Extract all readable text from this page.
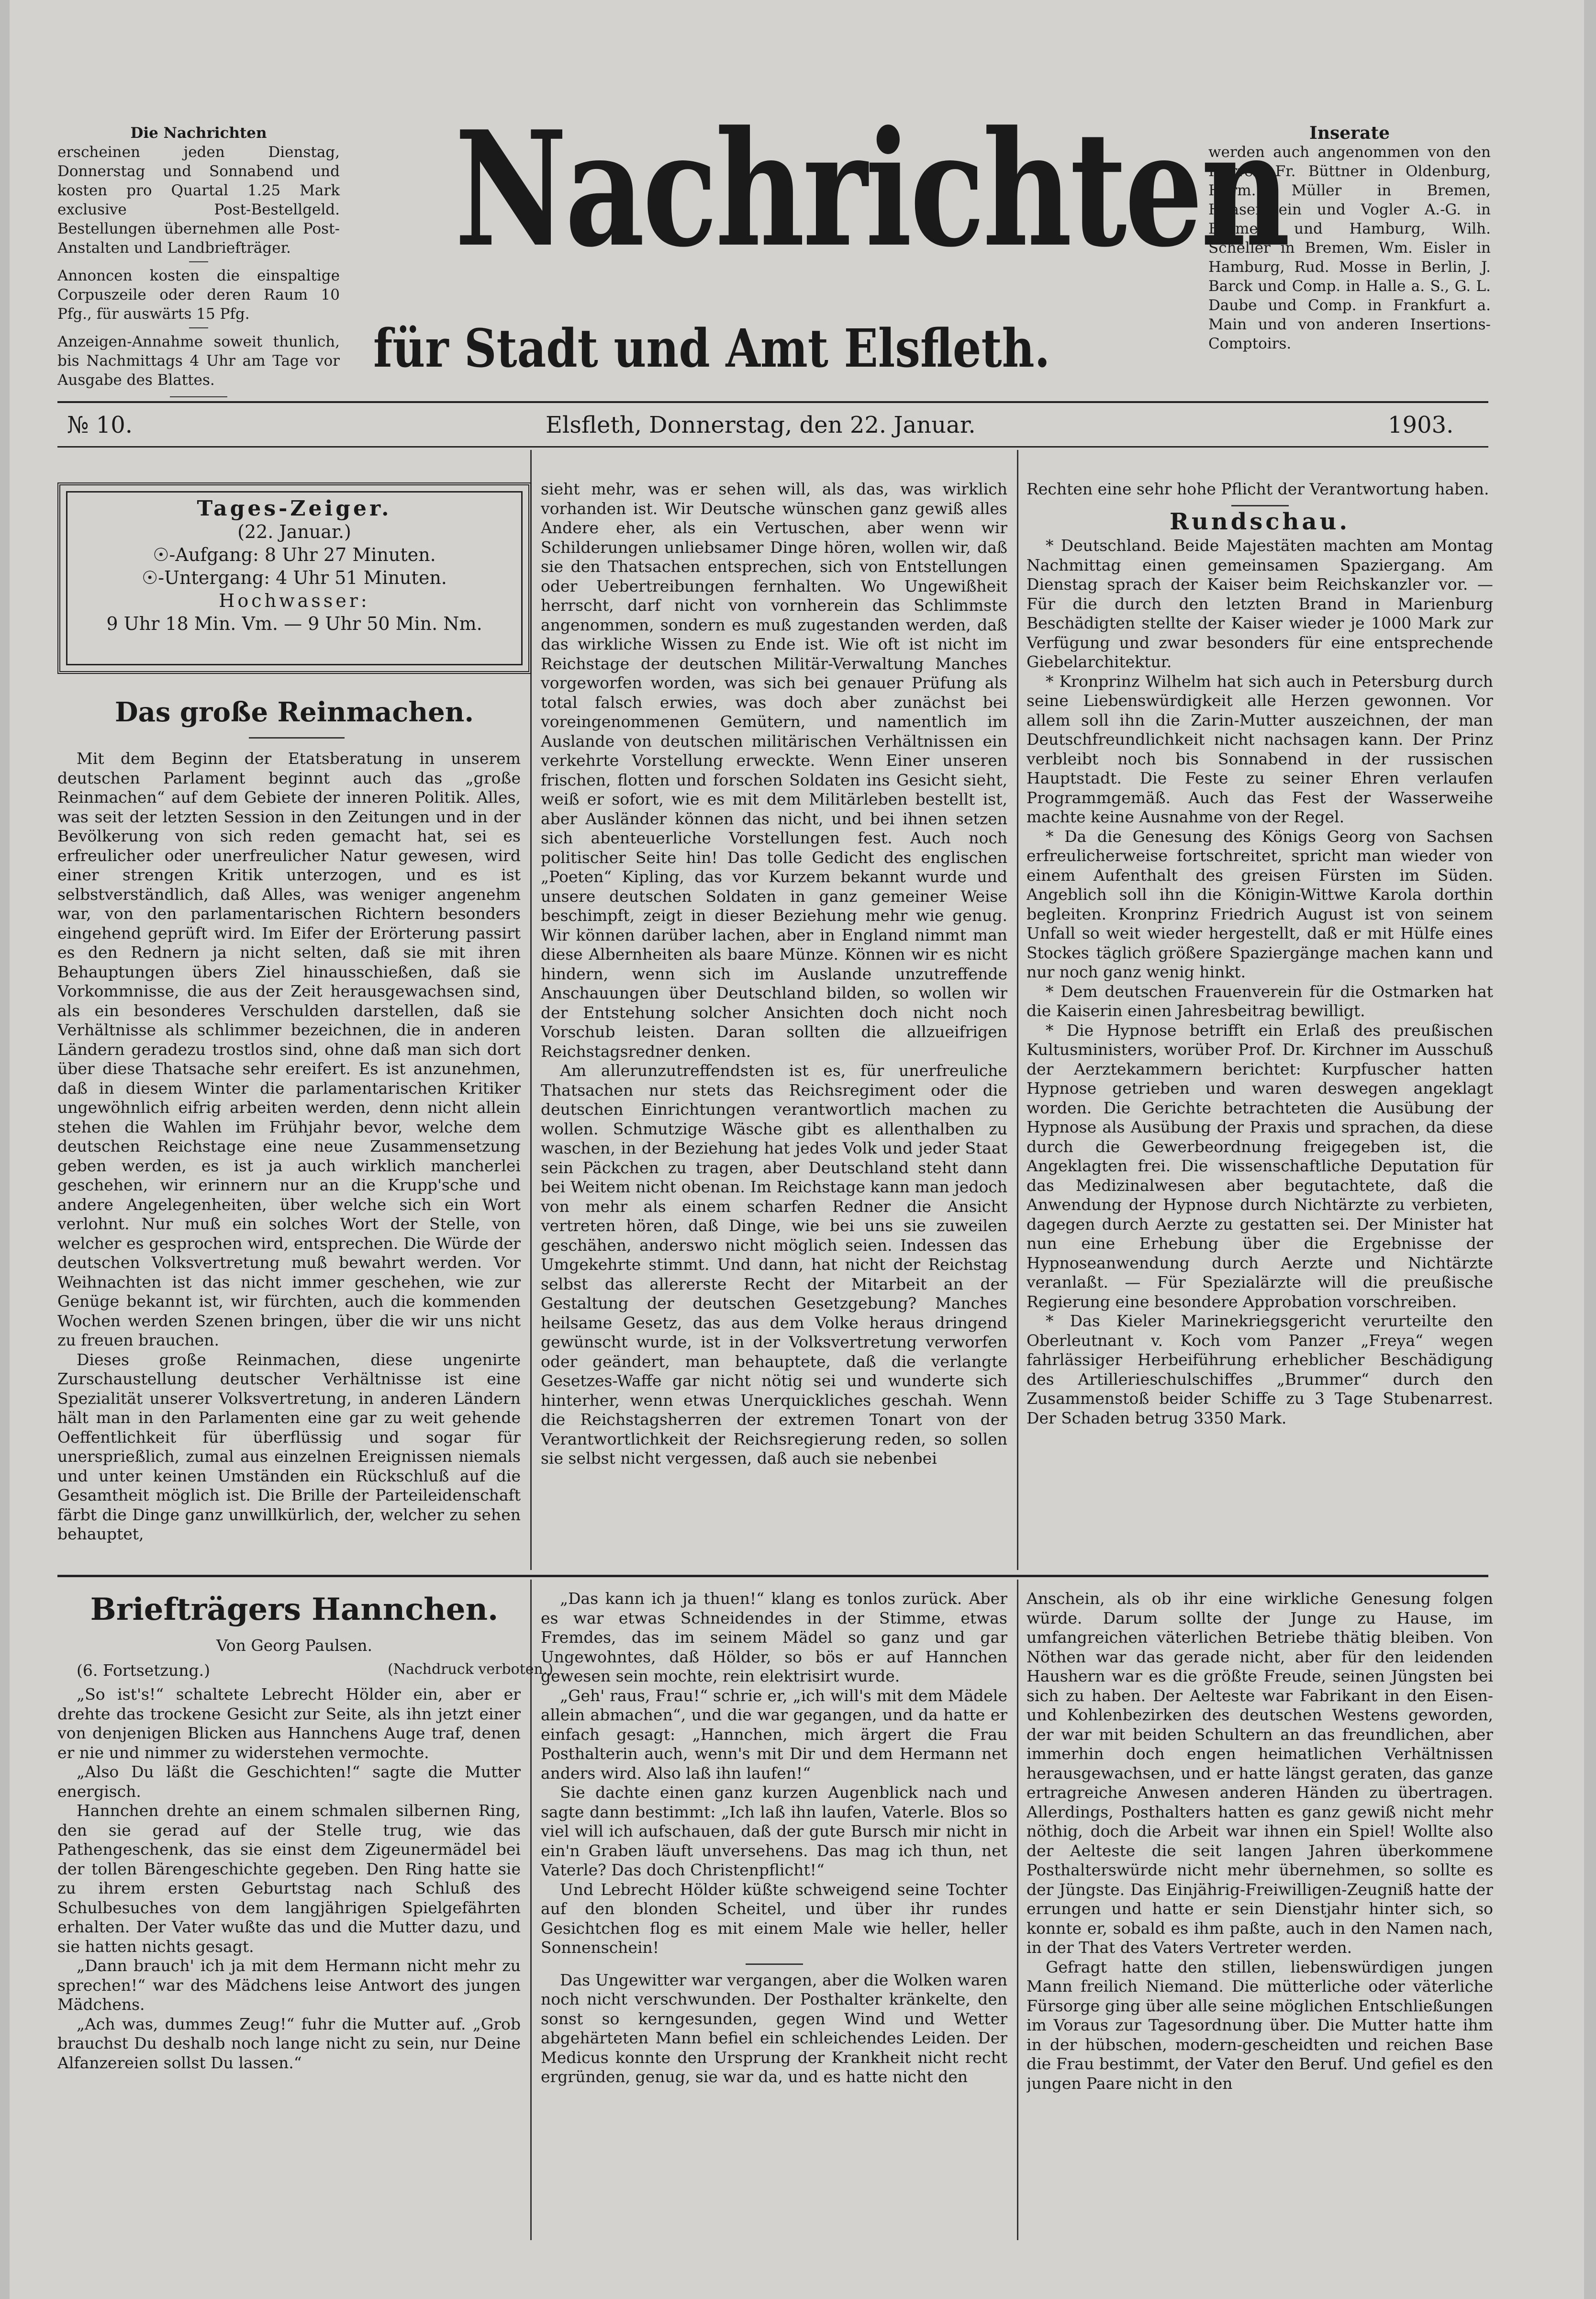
Die Nachrichten
erscheinen jeden Dienstag, Donnerstag und Sonnabend und kosten pro Quartal 1.25 Mark exclusive Post-Bestellgeld. Bestellungen übernehmen alle Post-Anstalten und Landbriefträger.
Annoncen kosten die einspaltige Corpuszeile oder deren Raum 10 Pfg., für auswärts 15 Pfg.
Anzeigen-Annahme soweit thunlich, bis Nachmittags 4 Uhr am Tage vor Ausgabe des Blattes.
Nachrichten
für Stadt und Amt Elsfleth.
Inserate
werden auch angenommen von den Herren Fr. Büttner in Oldenburg, Herm. Müller in Bremen, Haasenstein und Vogler A.-G. in Bremen und Hamburg, Wilh. Scheller in Bremen, Wm. Eisler in Hamburg, Rud. Mosse in Berlin, J. Barck und Comp. in Halle a. S., G. L. Daube und Comp. in Frankfurt a. Main und von anderen Insertions-Comptoirs.
№ 10.	Elsfleth, Donnerstag, den 22. Januar.	1903.
Tages-Zeiger.
(22. Januar.)
☉-Aufgang: 8 Uhr 27 Minuten.
☉-Untergang: 4 Uhr 51 Minuten.
Hochwasser:
9 Uhr 18 Min. Vm. — 9 Uhr 50 Min. Nm.
Das große Reinmachen.

Mit dem Beginn der Etatsberatung in unserem deutschen Parlament beginnt auch das „große Reinmachen“ auf dem Gebiete der inneren Politik. Alles, was seit der letzten Session in den Zeitungen und in der Bevölkerung von sich reden gemacht hat, sei es erfreulicher oder unerfreulicher Natur gewesen, wird einer strengen Kritik unterzogen, und es ist selbstverständlich, daß Alles, was weniger angenehm war, von den parlamentarischen Richtern besonders eingehend geprüft wird. Im Eifer der Erörterung passirt es den Rednern ja nicht selten, daß sie mit ihren Behauptungen übers Ziel hinausschießen, daß sie Vorkommnisse, die aus der Zeit herausgewachsen sind, als ein besonderes Verschulden darstellen, daß sie Verhältnisse als schlimmer bezeichnen, die in anderen Ländern geradezu trostlos sind, ohne daß man sich dort über diese Thatsache sehr ereifert. Es ist anzunehmen, daß in diesem Winter die parlamentarischen Kritiker ungewöhnlich eifrig arbeiten werden, denn nicht allein stehen die Wahlen im Frühjahr bevor, welche dem deutschen Reichstage eine neue Zusammensetzung geben werden, es ist ja auch wirklich mancherlei geschehen, wir erinnern nur an die Krupp'sche und andere Angelegenheiten, über welche sich ein Wort verlohnt. Nur muß ein solches Wort der Stelle, von welcher es gesprochen wird, entsprechen. Die Würde der deutschen Volksvertretung muß bewahrt werden. Vor Weihnachten ist das nicht immer geschehen, wie zur Genüge bekannt ist, wir fürchten, auch die kommenden Wochen werden Szenen bringen, über die wir uns nicht zu freuen brauchen.

Dieses große Reinmachen, diese ungenirte Zurschaustellung deutscher Verhältnisse ist eine Spezialität unserer Volksvertretung, in anderen Ländern hält man in den Parlamenten eine gar zu weit gehende Oeffentlichkeit für überflüssig und sogar für unersprießlich, zumal aus einzelnen Ereignissen niemals und unter keinen Umständen ein Rückschluß auf die Gesamtheit möglich ist. Die Brille der Parteileidenschaft färbt die Dinge ganz unwillkürlich, der, welcher zu sehen behauptet,

sieht mehr, was er sehen will, als das, was wirklich vorhanden ist. Wir Deutsche wünschen ganz gewiß alles Andere eher, als ein Vertuschen, aber wenn wir Schilderungen unliebsamer Dinge hören, wollen wir, daß sie den Thatsachen entsprechen, sich von Entstellungen oder Uebertreibungen fernhalten. Wo Ungewißheit herrscht, darf nicht von vornherein das Schlimmste angenommen, sondern es muß zugestanden werden, daß das wirkliche Wissen zu Ende ist. Wie oft ist nicht im Reichstage der deutschen Militär-Verwaltung Manches vorgeworfen worden, was sich bei genauer Prüfung als total falsch erwies, was doch aber zunächst bei voreingenommenen Gemütern, und namentlich im Auslande von deutschen militärischen Verhältnissen ein verkehrte Vorstellung erweckte. Wenn Einer unseren frischen, flotten und forschen Soldaten ins Gesicht sieht, weiß er sofort, wie es mit dem Militärleben bestellt ist, aber Ausländer können das nicht, und bei ihnen setzen sich abenteuerliche Vorstellungen fest. Auch noch politischer Seite hin! Das tolle Gedicht des englischen „Poeten“ Kipling, das vor Kurzem bekannt wurde und unsere deutschen Soldaten in ganz gemeiner Weise beschimpft, zeigt in dieser Beziehung mehr wie genug. Wir können darüber lachen, aber in England nimmt man diese Albernheiten als baare Münze. Können wir es nicht hindern, wenn sich im Auslande unzutreffende Anschauungen über Deutschland bilden, so wollen wir der Entstehung solcher Ansichten doch nicht noch Vorschub leisten. Daran sollten die allzueifrigen Reichstagsredner denken.

Am allerunzutreffendsten ist es, für unerfreuliche Thatsachen nur stets das Reichsregiment oder die deutschen Einrichtungen verantwortlich machen zu wollen. Schmutzige Wäsche gibt es allenthalben zu waschen, in der Beziehung hat jedes Volk und jeder Staat sein Päckchen zu tragen, aber Deutschland steht dann bei Weitem nicht obenan. Im Reichstage kann man jedoch von mehr als einem scharfen Redner die Ansicht vertreten hören, daß Dinge, wie bei uns sie zuweilen geschähen, anderswo nicht möglich seien. Indessen das Umgekehrte stimmt. Und dann, hat nicht der Reichstag selbst das allererste Recht der Mitarbeit an der Gestaltung der deutschen Gesetzgebung? Manches heilsame Gesetz, das aus dem Volke heraus dringend gewünscht wurde, ist in der Volksvertretung verworfen oder geändert, man behauptete, daß die verlangte Gesetzes-Waffe gar nicht nötig sei und wunderte sich hinterher, wenn etwas Unerquickliches geschah. Wenn die Reichstagsherren der extremen Tonart von der Verantwortlichkeit der Reichsregierung reden, so sollen sie selbst nicht vergessen, daß auch sie nebenbei

Rechten eine sehr hohe Pflicht der Verantwortung haben.

Rundschau.

* Deutschland. Beide Majestäten machten am Montag Nachmittag einen gemeinsamen Spaziergang. Am Dienstag sprach der Kaiser beim Reichskanzler vor. — Für die durch den letzten Brand in Marienburg Beschädigten stellte der Kaiser wieder je 1000 Mark zur Verfügung und zwar besonders für eine entsprechende Giebelarchitektur.

* Kronprinz Wilhelm hat sich auch in Petersburg durch seine Liebenswürdigkeit alle Herzen gewonnen. Vor allem soll ihn die Zarin-Mutter auszeichnen, der man Deutschfreundlichkeit nicht nachsagen kann. Der Prinz verbleibt noch bis Sonnabend in der russischen Hauptstadt. Die Feste zu seiner Ehren verlaufen Programmgemäß. Auch das Fest der Wasserweihe machte keine Ausnahme von der Regel.

* Da die Genesung des Königs Georg von Sachsen erfreulicherweise fortschreitet, spricht man wieder von einem Aufenthalt des greisen Fürsten im Süden. Angeblich soll ihn die Königin-Wittwe Karola dorthin begleiten. Kronprinz Friedrich August ist von seinem Unfall so weit wieder hergestellt, daß er mit Hülfe eines Stockes täglich größere Spaziergänge machen kann und nur noch ganz wenig hinkt.

* Dem deutschen Frauenverein für die Ostmarken hat die Kaiserin einen Jahresbeitrag bewilligt.

* Die Hypnose betrifft ein Erlaß des preußischen Kultusministers, worüber Prof. Dr. Kirchner im Ausschuß der Aerztekammern berichtet: Kurpfuscher hatten Hypnose getrieben und waren deswegen angeklagt worden. Die Gerichte betrachteten die Ausübung der Hypnose als Ausübung der Praxis und sprachen, da diese durch die Gewerbeordnung freigegeben ist, die Angeklagten frei. Die wissenschaftliche Deputation für das Medizinalwesen aber begutachtete, daß die Anwendung der Hypnose durch Nichtärzte zu verbieten, dagegen durch Aerzte zu gestatten sei. Der Minister hat nun eine Erhebung über die Ergebnisse der Hypnoseanwendung durch Aerzte und Nichtärzte veranlaßt. — Für Spezialärzte will die preußische Regierung eine besondere Approbation vorschreiben.

* Das Kieler Marinekriegsgericht verurteilte den Oberleutnant v. Koch vom Panzer „Freya“ wegen fahrlässiger Herbeiführung erheblicher Beschädigung des Artillerieschulschiffes „Brummer“ durch den Zusammenstoß beider Schiffe zu 3 Tage Stubenarrest. Der Schaden betrug 3350 Mark.

Briefträgers Hannchen.
Von Georg Paulsen.
(6. Fortsetzung.)	(Nachdruck verboten.)

„So ist's!“ schaltete Lebrecht Hölder ein, aber er drehte das trockene Gesicht zur Seite, als ihn jetzt einer von denjenigen Blicken aus Hannchens Auge traf, denen er nie und nimmer zu widerstehen vermochte.

„Also Du läßt die Geschichten!“ sagte die Mutter energisch.

Hannchen drehte an einem schmalen silbernen Ring, den sie gerad auf der Stelle trug, wie das Pathengeschenk, das sie einst dem Zigeunermädel bei der tollen Bärengeschichte gegeben. Den Ring hatte sie zu ihrem ersten Geburtstag nach Schluß des Schulbesuches von dem langjährigen Spielgefährten erhalten. Der Vater wußte das und die Mutter dazu, und sie hatten nichts gesagt.

„Dann brauch' ich ja mit dem Hermann nicht mehr zu sprechen!“ war des Mädchens leise Antwort des jungen Mädchens.

„Ach was, dummes Zeug!“ fuhr die Mutter auf. „Grob brauchst Du deshalb noch lange nicht zu sein, nur Deine Alfanzereien sollst Du lassen.“

„Das kann ich ja thuen!“ klang es tonlos zurück. Aber es war etwas Schneidendes in der Stimme, etwas Fremdes, das im seinem Mädel so ganz und gar Ungewohntes, daß Hölder, so bös er auf Hannchen gewesen sein mochte, rein elektrisirt wurde.

„Geh' raus, Frau!“ schrie er, „ich will's mit dem Mädele allein abmachen“, und die war gegangen, und da hatte er einfach gesagt: „Hannchen, mich ärgert die Frau Posthalterin auch, wenn's mit Dir und dem Hermann net anders wird. Also laß ihn laufen!“

Sie dachte einen ganz kurzen Augenblick nach und sagte dann bestimmt: „Ich laß ihn laufen, Vaterle. Blos so viel will ich aufschauen, daß der gute Bursch mir nicht in ein'n Graben läuft unversehens. Das mag ich thun, net Vaterle? Das doch Christenpflicht!“

Und Lebrecht Hölder küßte schweigend seine Tochter auf den blonden Scheitel, und über ihr rundes Gesichtchen flog es mit einem Male wie heller, heller Sonnenschein!

Das Ungewitter war vergangen, aber die Wolken waren noch nicht verschwunden. Der Posthalter kränkelte, den sonst so kerngesunden, gegen Wind und Wetter abgehärteten Mann befiel ein schleichendes Leiden. Der Medicus konnte den Ursprung der Krankheit nicht recht ergründen, genug, sie war da, und es hatte nicht den

Anschein, als ob ihr eine wirkliche Genesung folgen würde. Darum sollte der Junge zu Hause, im umfangreichen väterlichen Betriebe thätig bleiben. Von Nöthen war das gerade nicht, aber für den leidenden Haushern war es die größte Freude, seinen Jüngsten bei sich zu haben. Der Aelteste war Fabrikant in den Eisen- und Kohlenbezirken des deutschen Westens geworden, der war mit beiden Schultern an das freundlichen, aber immerhin doch engen heimatlichen Verhältnissen herausgewachsen, und er hatte längst geraten, das ganze ertragreiche Anwesen anderen Händen zu übertragen. Allerdings, Posthalters hatten es ganz gewiß nicht mehr nöthig, doch die Arbeit war ihnen ein Spiel! Wollte also der Aelteste die seit langen Jahren überkommene Posthalterswürde nicht mehr übernehmen, so sollte es der Jüngste. Das Einjährig-Freiwilligen-Zeugniß hatte der errungen und hatte er sein Dienstjahr hinter sich, so konnte er, sobald es ihm paßte, auch in den Namen nach, in der That des Vaters Vertreter werden.

Gefragt hatte den stillen, liebenswürdigen jungen Mann freilich Niemand. Die mütterliche oder väterliche Fürsorge ging über alle seine möglichen Entschließungen im Voraus zur Tagesordnung über. Die Mutter hatte ihm in der hübschen, modern-gescheidten und reichen Base die Frau bestimmt, der Vater den Beruf. Und gefiel es den jungen Paare nicht in den
